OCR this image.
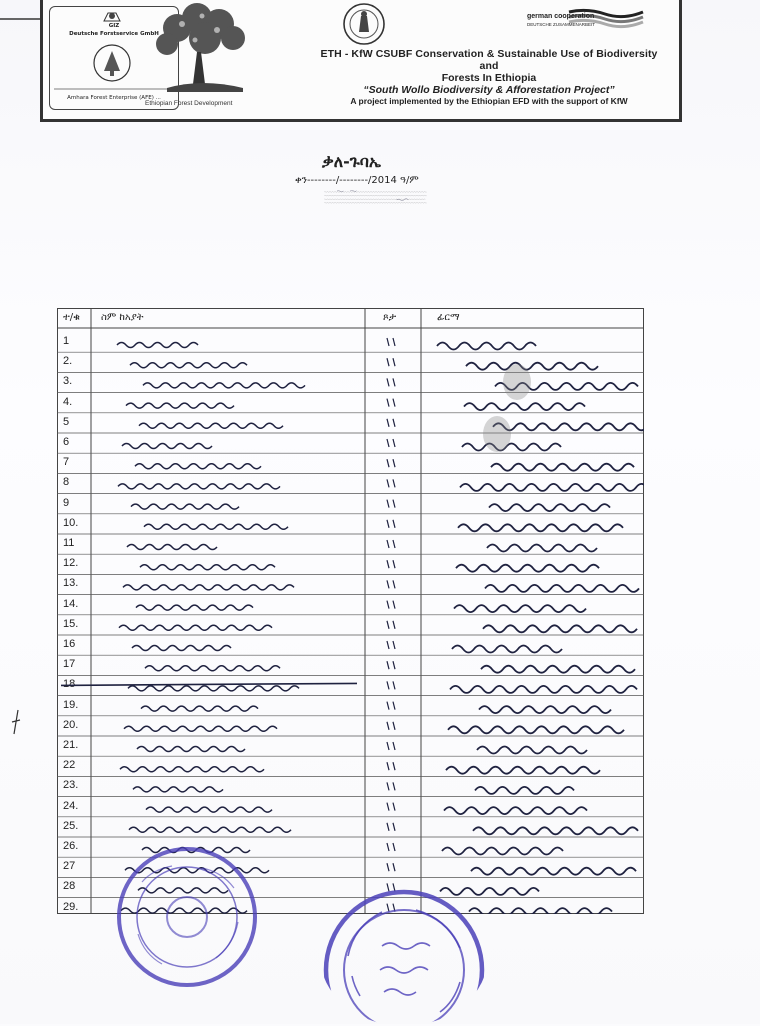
GIZ
Deutsche Forstservice GmbH
Amhara Forest Enterprise (AFE) ...
Ethiopian Forest Development
german cooperation
DEUTSCHE ZUSAMMENARBEIT
ETH - KfW CSUBF Conservation & Sustainable Use of Biodiversity and
Forests In Ethiopia
“South Wollo Biodiversity & Afforestation Project”
A project implemented by the Ethiopian EFD with the support of KfW
ቃለ-ጉባኤ
ቀን--------/--------/2014 ዓ/ም
ተ/ቁ ስም ከአያት	ጾታ	ፊርማ
1
2.
3.
4.
5
6
7
8
9
10.
11
12.
13.
14.
15.
16
17
18
19.
20.
21.
22
23.
24.
25.
26.
27
28
29.
